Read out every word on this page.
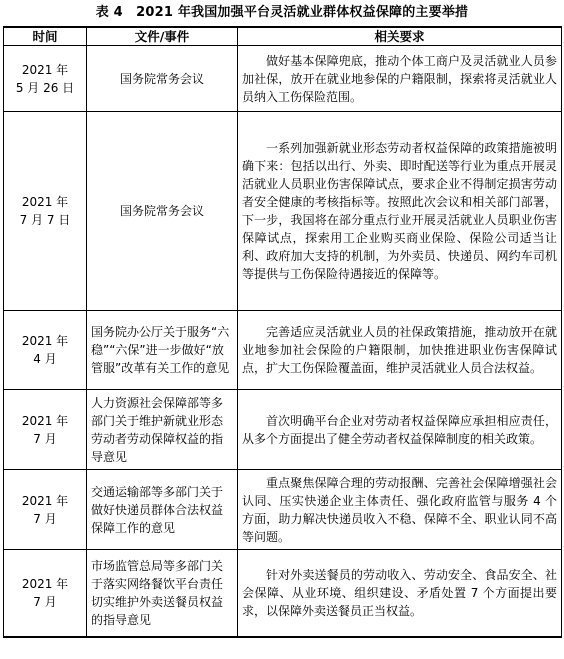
表 4　2021 年我国加强平台灵活就业群体权益保障的主要举措
时间	文件/事件	相关要求
2021 年
5 月 26 日	国务院常务会议	做好基本保障兜底，推动个体工商户及灵活就业人员参加社保，放开在就业地参保的户籍限制，探索将灵活就业人员纳入工伤保险范围。
2021 年
7 月 7 日	国务院常务会议	一系列加强新就业形态劳动者权益保障的政策措施被明确下来：包括以出行、外卖、即时配送等行业为重点开展灵活就业人员职业伤害保障试点，要求企业不得制定损害劳动者安全健康的考核指标等。按照此次会议和相关部门部署，下一步，我国将在部分重点行业开展灵活就业人员职业伤害保障试点，探索用工企业购买商业保险、保险公司适当让利、政府加大支持的机制，为外卖员、快递员、网约车司机等提供与工伤保险待遇接近的保障等。
2021 年
4 月	国务院办公厅关于服务“六稳”“六保”进一步做好“放管服”改革有关工作的意见	完善适应灵活就业人员的社保政策措施，推动放开在就业地参加社会保险的户籍限制，加快推进职业伤害保障试点，扩大工伤保险覆盖面，维护灵活就业人员合法权益。
2021 年
7 月	人力资源社会保障部等多部门关于维护新就业形态劳动者劳动保障权益的指导意见	首次明确平台企业对劳动者权益保障应承担相应责任，从多个方面提出了健全劳动者权益保障制度的相关政策。
2021 年
7 月	交通运输部等多部门关于做好快递员群体合法权益保障工作的意见	重点聚焦保障合理的劳动报酬、完善社会保障增强社会认同、压实快递企业主体责任、强化政府监管与服务 4 个方面，助力解决快递员收入不稳、保障不全、职业认同不高等问题。
2021 年
7 月	市场监管总局等多部门关于落实网络餐饮平台责任　切实维护外卖送餐员权益的指导意见	针对外卖送餐员的劳动收入、劳动安全、食品安全、社会保障、从业环境、组织建设、矛盾处置 7 个方面提出要求，以保障外卖送餐员正当权益。
